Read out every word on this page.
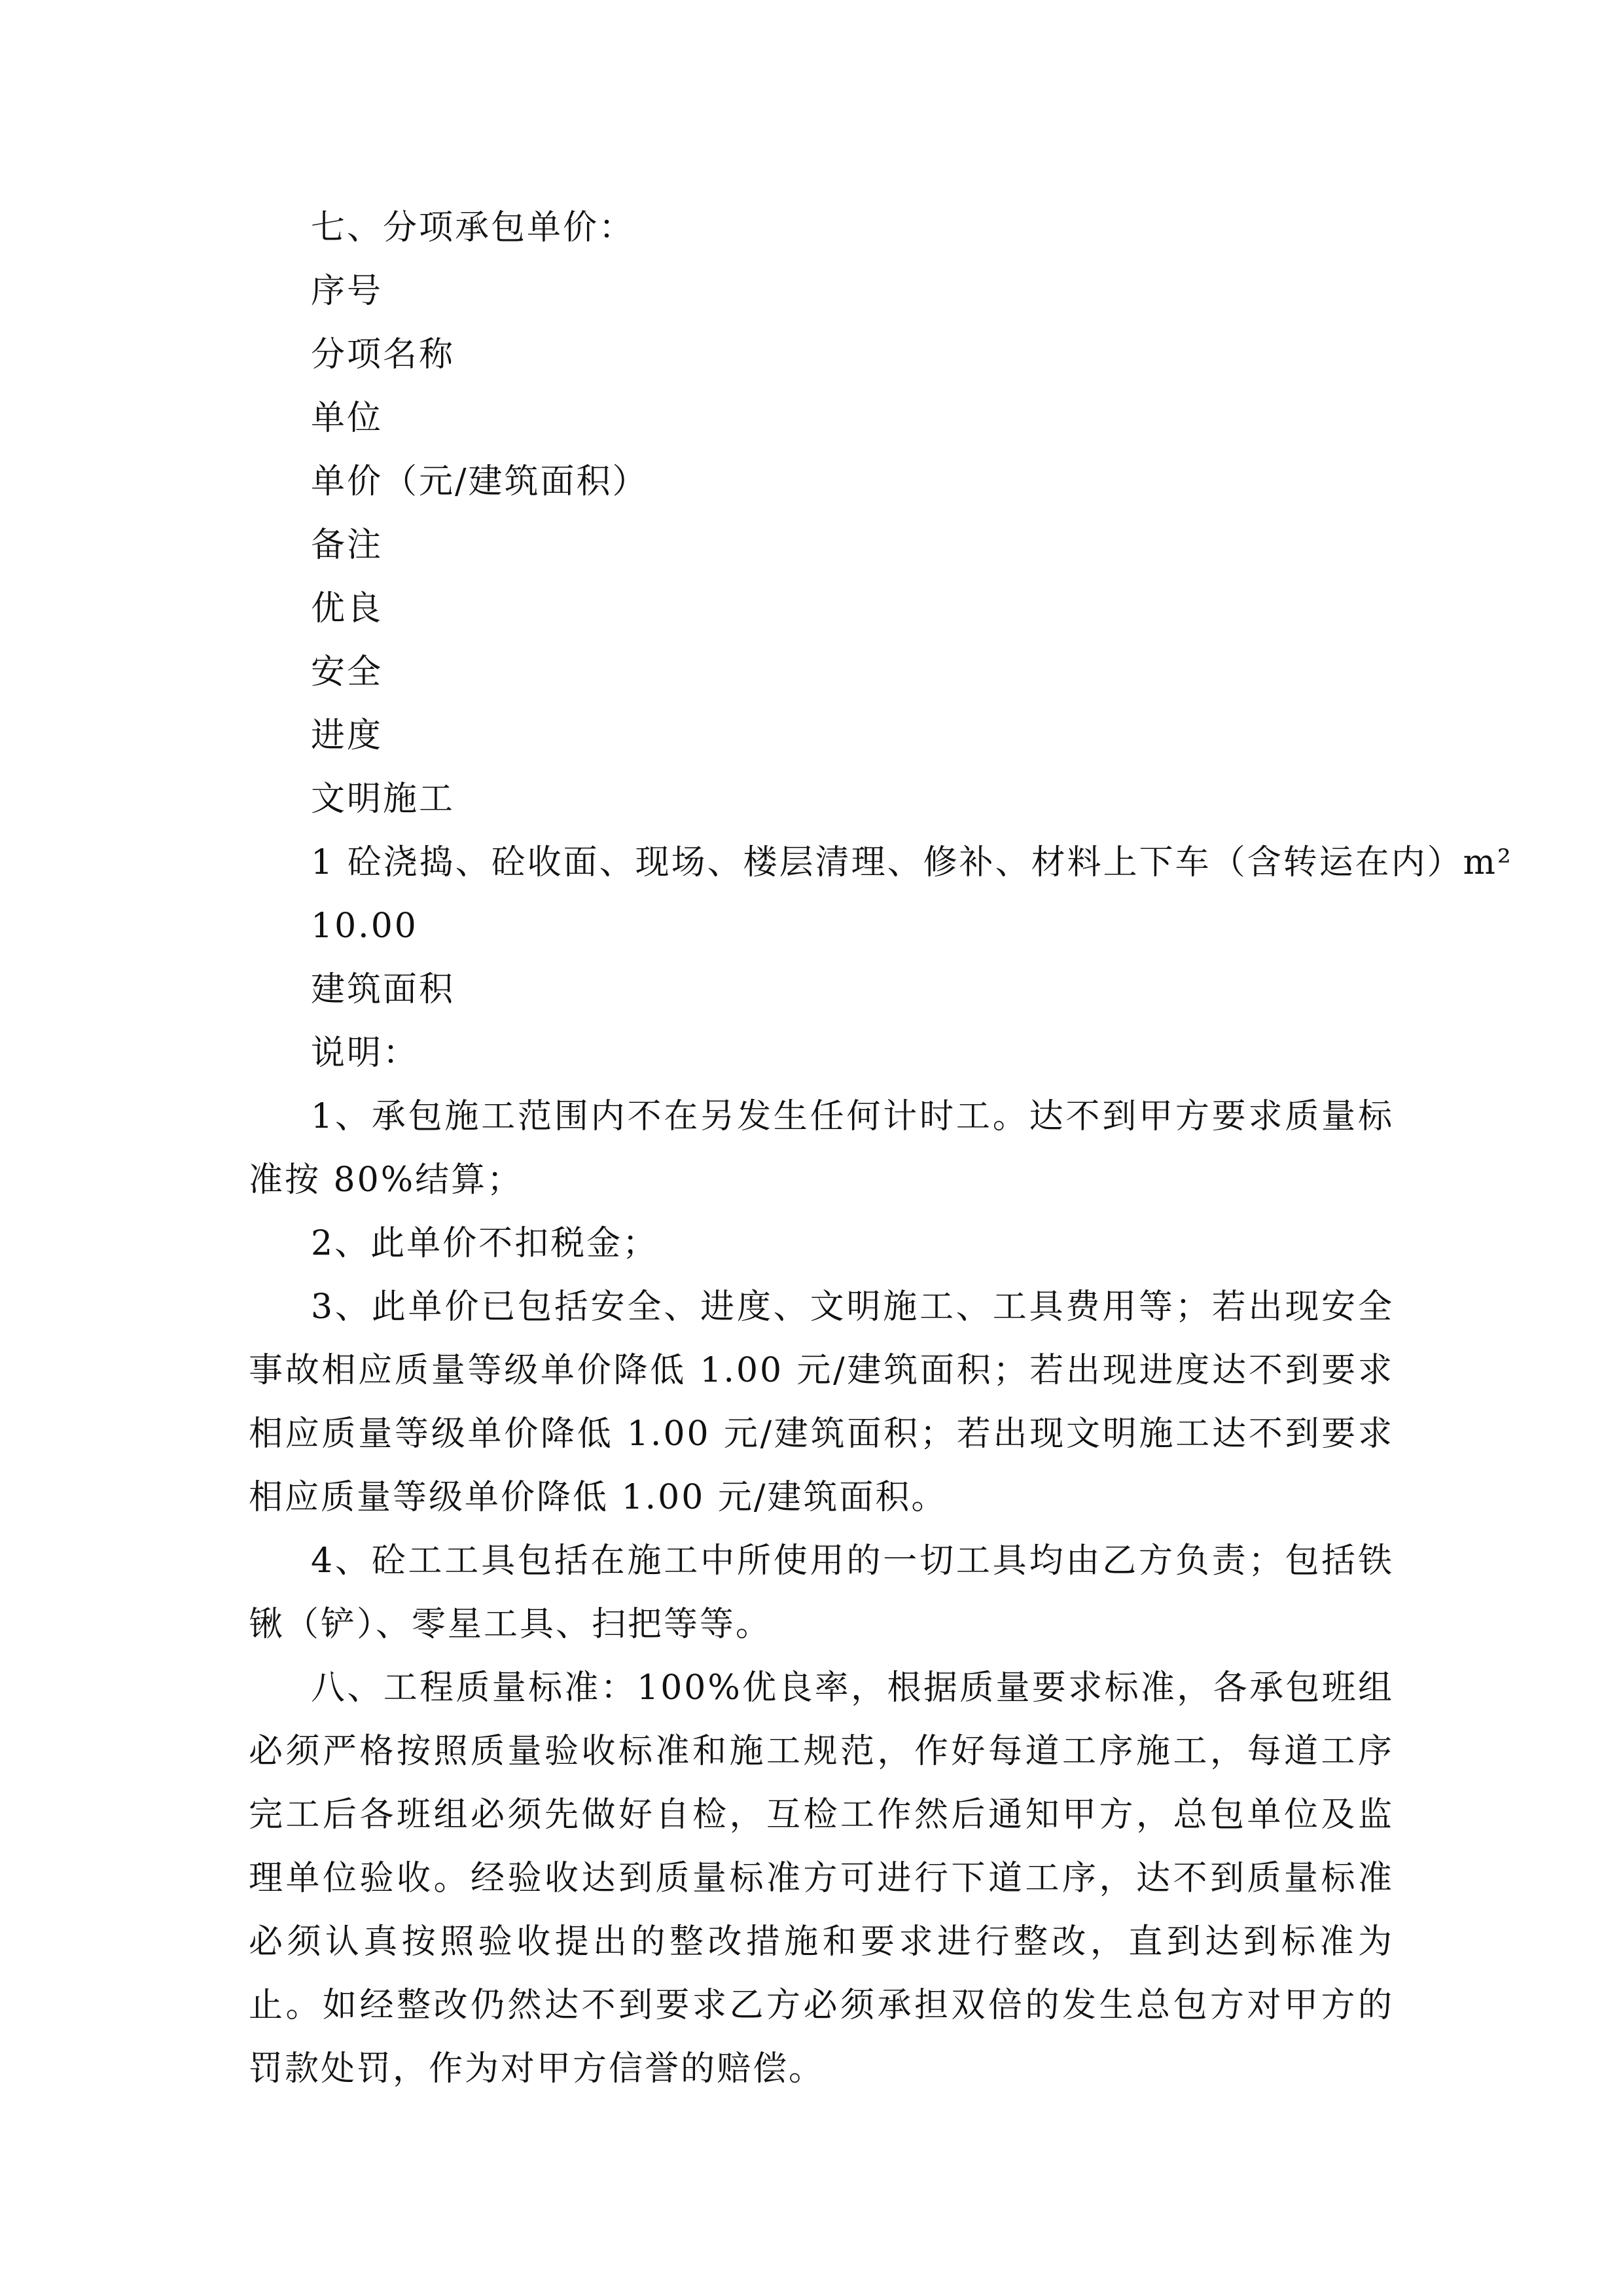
七、分项承包单价：

序号

分项名称

单位

单价（元/建筑面积）

备注

优良

安全

进度

文明施工

1 砼浇捣、砼收面、现场、楼层清理、修补、材料上下车（含转运在内）m²

10.00

建筑面积

说明：

1、承包施工范围内不在另发生任何计时工。达不到甲方要求质量标准按 80%结算；

2、此单价不扣税金；

3、此单价已包括安全、进度、文明施工、工具费用等；若出现安全事故相应质量等级单价降低 1.00 元/建筑面积；若出现进度达不到要求相应质量等级单价降低 1.00 元/建筑面积；若出现文明施工达不到要求相应质量等级单价降低 1.00 元/建筑面积。

4、砼工工具包括在施工中所使用的一切工具均由乙方负责；包括铁锹（铲）、零星工具、扫把等等。

八、工程质量标准：100%优良率，根据质量要求标准，各承包班组必须严格按照质量验收标准和施工规范，作好每道工序施工，每道工序完工后各班组必须先做好自检，互检工作然后通知甲方，总包单位及监理单位验收。经验收达到质量标准方可进行下道工序，达不到质量标准必须认真按照验收提出的整改措施和要求进行整改，直到达到标准为止。如经整改仍然达不到要求乙方必须承担双倍的发生总包方对甲方的罚款处罚，作为对甲方信誉的赔偿。
